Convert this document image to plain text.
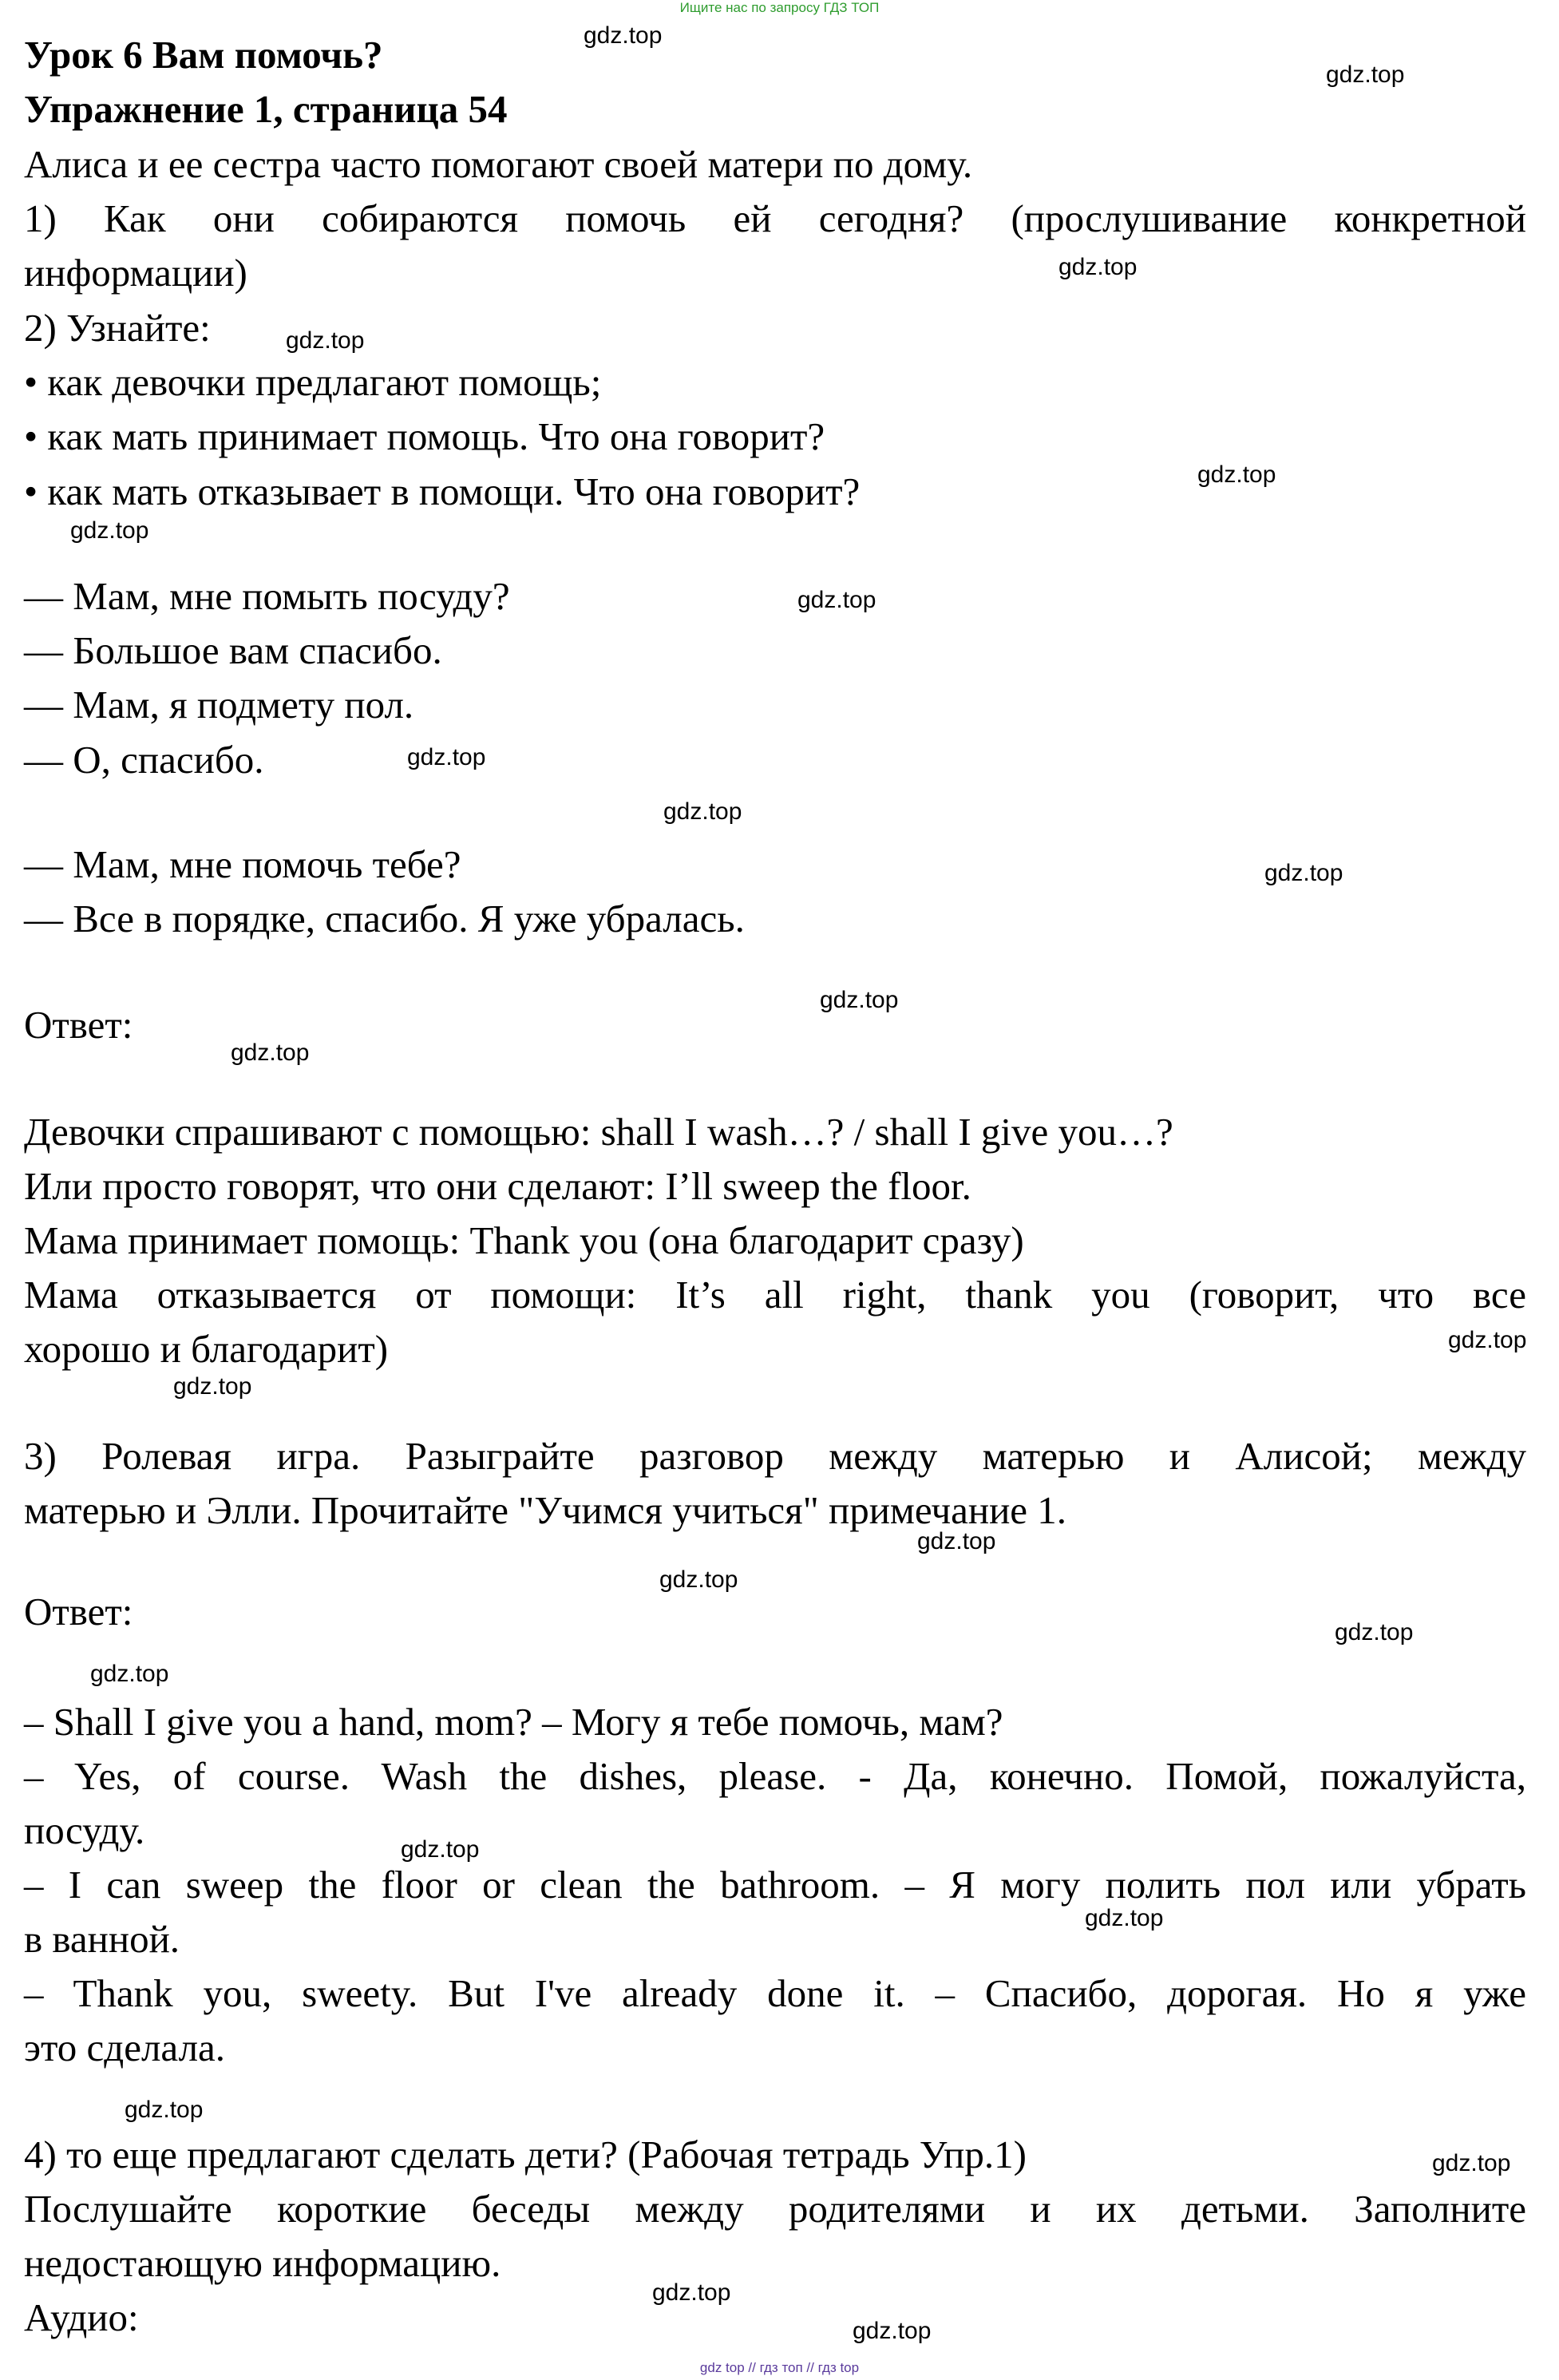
Ищите нас по запросу ГДЗ ТОП
Урок 6 Вам помочь?
Упражнение 1, страница 54
Алиса и ее сестра часто помогают своей матери по дому.
1) Как они собираются помочь ей сегодня? (прослушивание конкретной
информации)
2) Узнайте:
• как девочки предлагают помощь;
• как мать принимает помощь. Что она говорит?
• как мать отказывает в помощи. Что она говорит?
— Мам, мне помыть посуду?
— Большое вам спасибо.
— Мам, я подмету пол.
— О, спасибо.
— Мам, мне помочь тебе?
— Все в порядке, спасибо. Я уже убралась.
Ответ:
Девочки спрашивают с помощью: shall I wash…? / shall I give you…?
Или просто говорят, что они сделают: I’ll sweep the floor.
Мама принимает помощь: Thank you (она благодарит сразу)
Мама отказывается от помощи: It’s all right, thank you (говорит, что все
хорошо и благодарит)
3) Ролевая игра. Разыграйте разговор между матерью и Алисой; между
матерью и Элли. Прочитайте "Учимся учиться" примечание 1.
Ответ:
– Shall I give you a hand, mom? – Могу я тебе помочь, мам?
– Yes, of course. Wash the dishes, please. - Да, конечно. Помой, пожалуйста,
посуду.
– I can sweep the floor or clean the bathroom. – Я могу полить пол или убрать
в ванной.
– Thank you, sweety. But I've already done it. – Спасибо, дорогая. Но я уже
это сделала.
4) то еще предлагают сделать дети? (Рабочая тетрадь Упр.1)
Послушайте короткие беседы между родителями и их детьми. Заполните
недостающую информацию.
Аудио:
gdz.top
gdz.top
gdz.top
gdz.top
gdz.top
gdz.top
gdz.top
gdz.top
gdz.top
gdz.top
gdz.top
gdz.top
gdz.top
gdz.top
gdz.top
gdz.top
gdz.top
gdz.top
gdz.top
gdz.top
gdz.top
gdz.top
gdz.top
gdz.top
gdz top // гдз топ // гдз top
